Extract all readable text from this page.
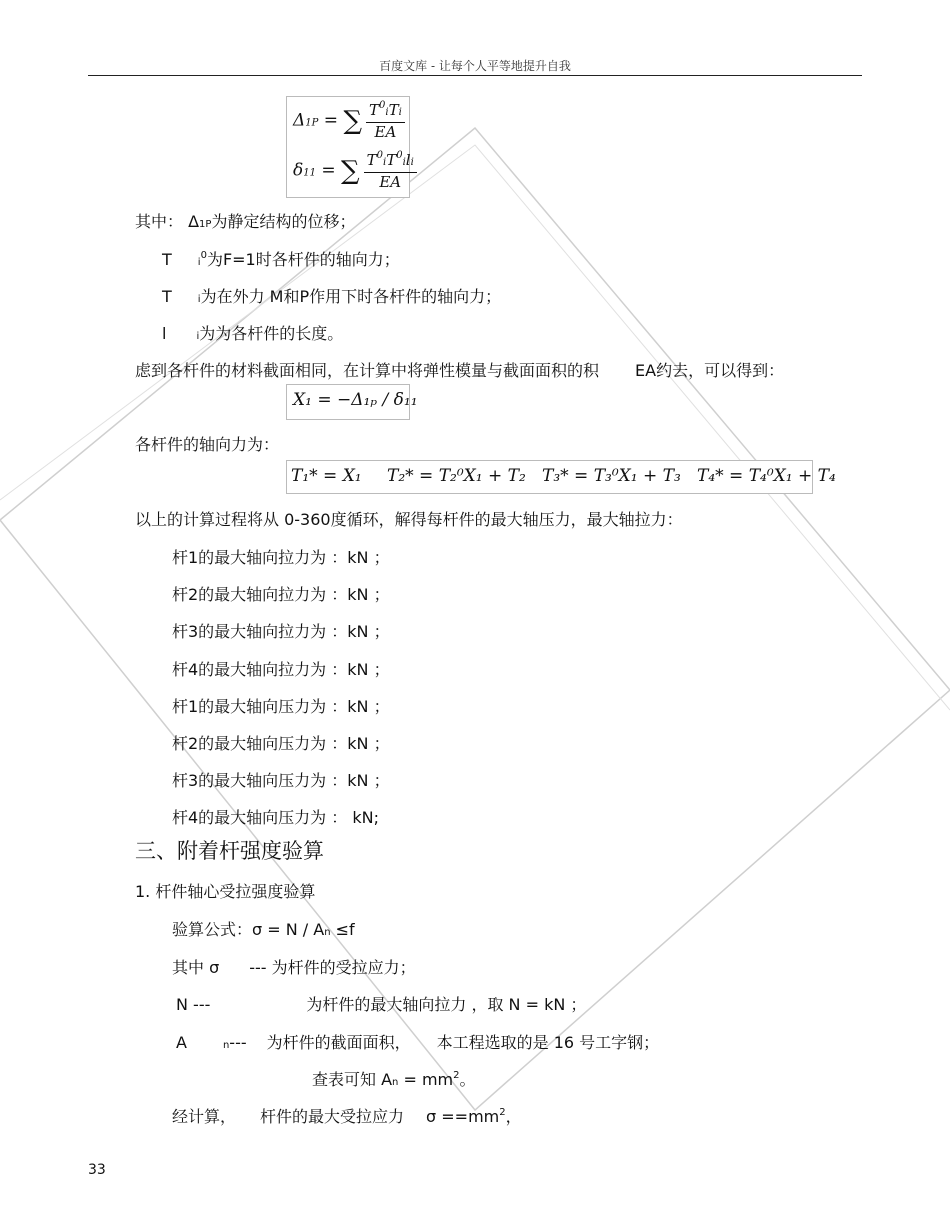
百度文库 - 让每个人平等地提升自我
Δ1P = ∑ $\frac{T^0iTi}{EA}$
δ11 = ∑ $\frac{T^0iT^0ili}{EA}$
其中： Δ1P为静定结构的位移；
T	$i^0$为F=1时各杆件的轴向力；
T	i为在外力 M和P作用下时各杆件的轴向力；
l	i为为各杆件的长度。
虑到各杆件的材料截面相同，在计算中将弹性模量与截面面积的积 EA约去，可以得到：
X₁ = −Δ₁ₚ / δ₁₁
各杆件的轴向力为：
T₁* = X₁ T₂* = T₂⁰X₁ + T₂ T₃* = T₃⁰X₁ + T₃ T₄* = T₄⁰X₁ + T₄
以上的计算过程将从 0-360度循环，解得每杆件的最大轴压力，最大轴拉力：
杆1的最大轴向拉力为 ：kN ；
杆2的最大轴向拉力为 ：kN ；
杆3的最大轴向拉力为 ：kN ；
杆4的最大轴向拉力为 ：kN ；
杆1的最大轴向压力为 ：kN ；
杆2的最大轴向压力为 ：kN ；
杆3的最大轴向压力为 ：kN ；
杆4的最大轴向压力为 ： kN;
三、附着杆强度验算
1. 杆件轴心受拉强度验算
验算公式：σ = N / An ≤f
其中 σ --- 为杆件的受拉应力；
N ---	为杆件的最大轴向拉力 ，取 N = kN ；
A	n--- 为杆件的截面面积， 本工程选取的是 16 号工字钢；
查表可知 $An = mm^2$。
经计算， 杆件的最大受拉应力 $\sigma ==mm^2$，
33
